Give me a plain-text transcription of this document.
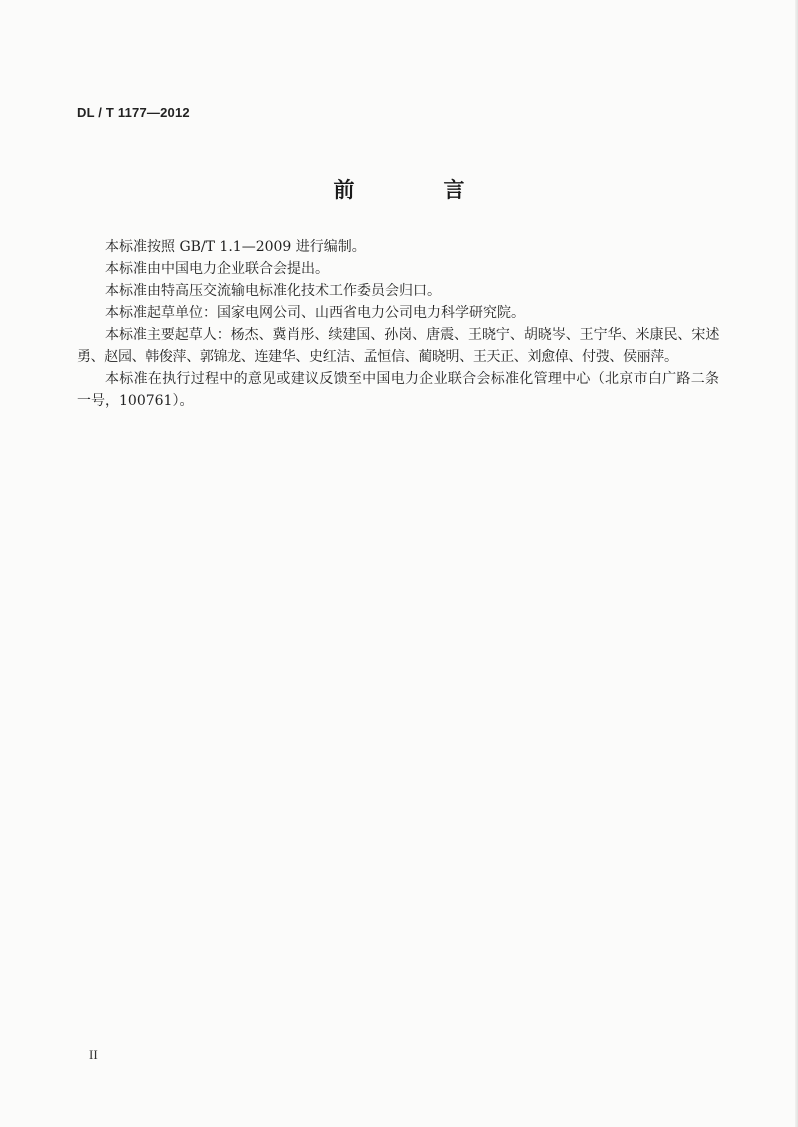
DL / T 1177—2012
前　言

本标准按照 GB/T 1.1—2009 进行编制。

本标准由中国电力企业联合会提出。

本标准由特高压交流输电标准化技术工作委员会归口。

本标准起草单位：国家电网公司、山西省电力公司电力科学研究院。

本标准主要起草人：杨杰、冀肖彤、续建国、孙岗、唐震、王晓宁、胡晓岑、王宁华、米康民、宋述勇、赵园、韩俊萍、郭锦龙、连建华、史红洁、孟恒信、蔺晓明、王天正、刘愈倬、付弢、侯丽萍。

本标准在执行过程中的意见或建议反馈至中国电力企业联合会标准化管理中心（北京市白广路二条一号，100761）。

II
